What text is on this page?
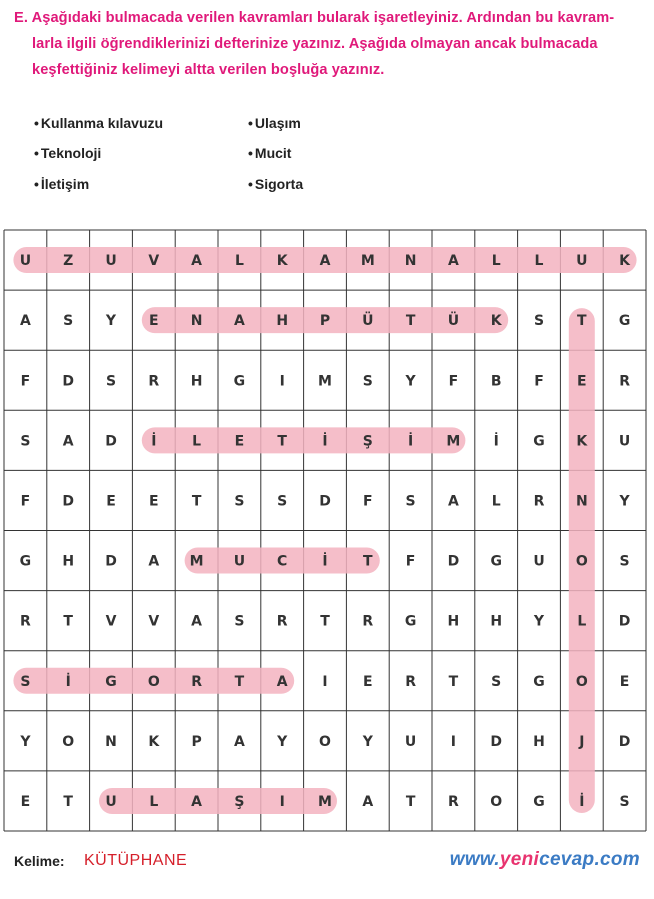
E. Aşağıdaki bulmacada verilen kavramları bularak işaretleyiniz. Ardından bu kavram-
larla ilgili öğrendiklerinizi defterinize yazınız. Aşağıda olmayan ancak bulmacada
keşfettiğiniz kelimeyi altta verilen boşluğa yazınız.
• Kullanma kılavuzu	• Ulaşım
• Teknoloji	• Mucit
• İletişim	• Sigorta
U Z U V A L K A M N A L L U K
A S Y E N A H P Ü T Ü K S T G
F D S R H G I M S Y F B F E R
S A D İ	L E T	İ	Ş	İ M İ G K U
F D E E T S S D F S A L R N Y
G H D A M U C	İ	T F D G U O S
R T V V A S R T R G H H Y L D
S	İ G O R T A I	E R T S G O E
Y O N K P A Y O Y U I D H J D
E T U L A Ş	I M A T R O G İ	S
Kelime: KÜTÜPHANE	www.yenicevap.com
